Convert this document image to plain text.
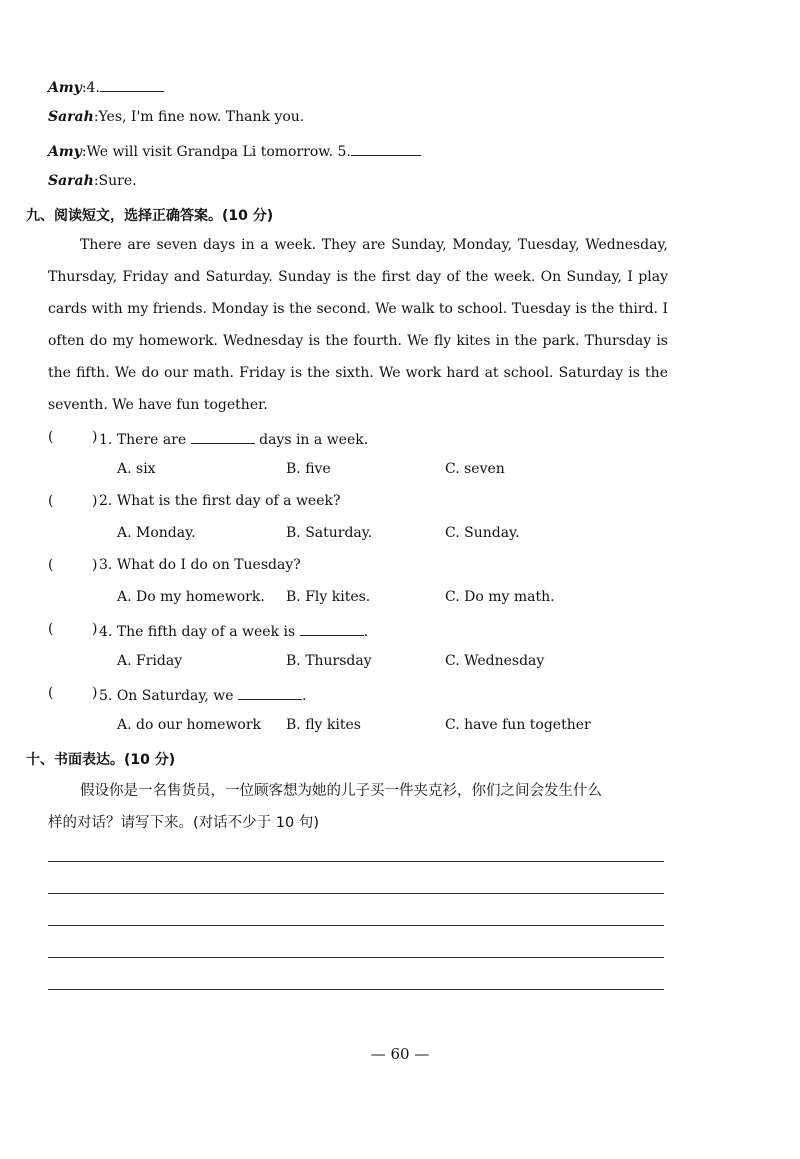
Amy:4.
Sarah:Yes, I'm fine now. Thank you.
Amy:We will visit Grandpa Li tomorrow. 5.
Sarah:Sure.
九、阅读短文，选择正确答案。(10 分)
There are seven days in a week. They are Sunday, Monday, Tuesday, Wednesday, Thursday, Friday and Saturday. Sunday is the first day of the week. On Sunday, I play cards with my friends. Monday is the second. We walk to school. Tuesday is the third. I often do my homework. Wednesday is the fourth. We fly kites in the park. Thursday is the fifth. We do our math. Friday is the sixth. We work hard at school. Saturday is the seventh. We have fun together.
(	) 1. There are	days in a week.
A. six	B. five	C. seven
(	) 2. What is the first day of a week?
A. Monday.	B. Saturday.	C. Sunday.
(	) 3. What do I do on Tuesday?
A. Do my homework. B. Fly kites.	C. Do my math.
(	) 4. The fifth day of a week is	.
A. Friday	B. Thursday	C. Wednesday
(	) 5. On Saturday, we	.
A. do our homework B. fly kites	C. have fun together
十、书面表达。(10 分)
假设你是一名售货员，一位顾客想为她的儿子买一件夹克衫，你们之间会发生什么
样的对话？请写下来。(对话不少于 10 句)
— 60 —
